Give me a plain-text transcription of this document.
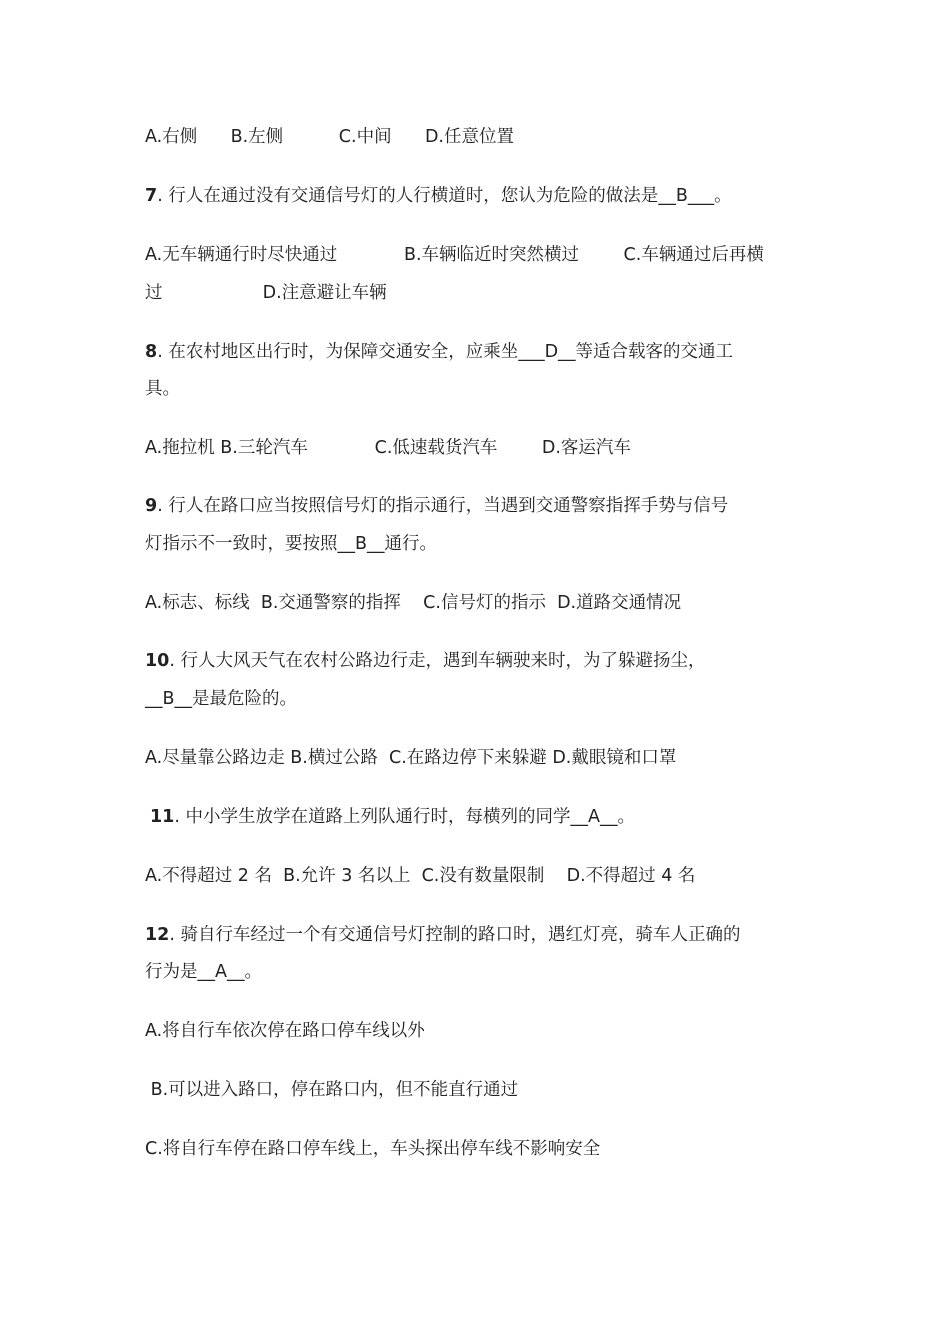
A.右侧      B.左侧          C.中间      D.任意位置
7. 行人在通过没有交通信号灯的人行横道时，您认为危险的做法是__B___。
A.无车辆通行时尽快通过            B.车辆临近时突然横过        C.车辆通过后再横
过                  D.注意避让车辆
8. 在农村地区出行时，为保障交通安全，应乘坐___D__等适合载客的交通工
具。
A.拖拉机 B.三轮汽车            C.低速载货汽车        D.客运汽车
9. 行人在路口应当按照信号灯的指示通行，当遇到交通警察指挥手势与信号
灯指示不一致时，要按照__B__通行。
A.标志、标线  B.交通警察的指挥    C.信号灯的指示  D.道路交通情况
10. 行人大风天气在农村公路边行走，遇到车辆驶来时，为了躲避扬尘，
__B__是最危险的。
A.尽量靠公路边走 B.横过公路  C.在路边停下来躲避 D.戴眼镜和口罩
11. 中小学生放学在道路上列队通行时，每横列的同学__A__。
A.不得超过 2 名  B.允许 3 名以上  C.没有数量限制    D.不得超过 4 名
12. 骑自行车经过一个有交通信号灯控制的路口时，遇红灯亮，骑车人正确的
行为是__A__。
A.将自行车依次停在路口停车线以外
B.可以进入路口，停在路口内，但不能直行通过
C.将自行车停在路口停车线上，车头探出停车线不影响安全
